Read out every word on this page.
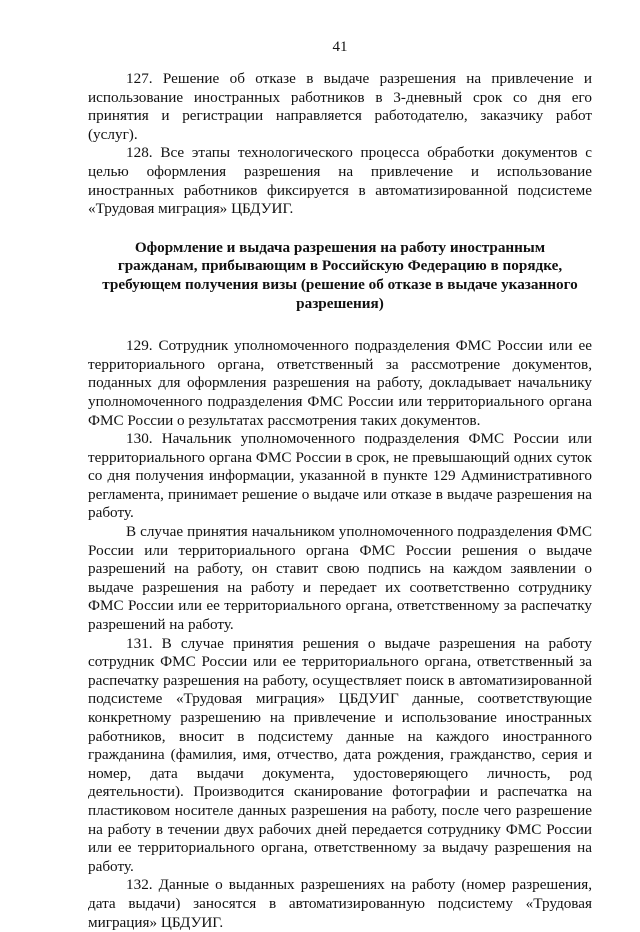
41

127. Решение об отказе в выдаче разрешения на привлечение и использование иностранных работников в 3-дневный срок со дня его принятия и регистрации направляется работодателю, заказчику работ (услуг).

128. Все этапы технологического процесса обработки документов с целью оформления разрешения на привлечение и использование иностранных работников фиксируется в автоматизированной подсистеме «Трудовая миграция» ЦБДУИГ.

Оформление и выдача разрешения на работу иностранным
гражданам, прибывающим в Российскую Федерацию в порядке,
требующем получения визы (решение об отказе в выдаче указанного
разрешения)

129. Сотрудник уполномоченного подразделения ФМС России или ее территориального органа, ответственный за рассмотрение документов, поданных для оформления разрешения на работу, докладывает начальнику уполномоченного подразделения ФМС России или территориального органа ФМС России о результатах рассмотрения таких документов.

130. Начальник уполномоченного подразделения ФМС России или территориального органа ФМС России в срок, не превышающий одних суток со дня получения информации, указанной в пункте 129 Административного регламента, принимает решение о выдаче или отказе в выдаче разрешения на работу.

В случае принятия начальником уполномоченного подразделения ФМС России или территориального органа ФМС России решения о выдаче разрешений на работу, он ставит свою подпись на каждом заявлении о выдаче разрешения на работу и передает их соответственно сотруднику ФМС России или ее территориального органа, ответственному за распечатку разрешений на работу.

131. В случае принятия решения о выдаче разрешения на работу сотрудник ФМС России или ее территориального органа, ответственный за распечатку разрешения на работу, осуществляет поиск в автоматизированной подсистеме «Трудовая миграция» ЦБДУИГ данные, соответствующие конкретному разрешению на привлечение и использование иностранных работников, вносит в подсистему данные на каждого иностранного гражданина (фамилия, имя, отчество, дата рождения, гражданство, серия и номер, дата выдачи документа, удостоверяющего личность, род деятельности). Производится сканирование фотографии и распечатка на пластиковом носителе данных разрешения на работу, после чего разрешение на работу в течении двух рабочих дней передается сотруднику ФМС России или ее территориального органа, ответственному за выдачу разрешения на работу.

132. Данные о выданных разрешениях на работу (номер разрешения, дата выдачи) заносятся в автоматизированную подсистему «Трудовая миграция» ЦБДУИГ.
